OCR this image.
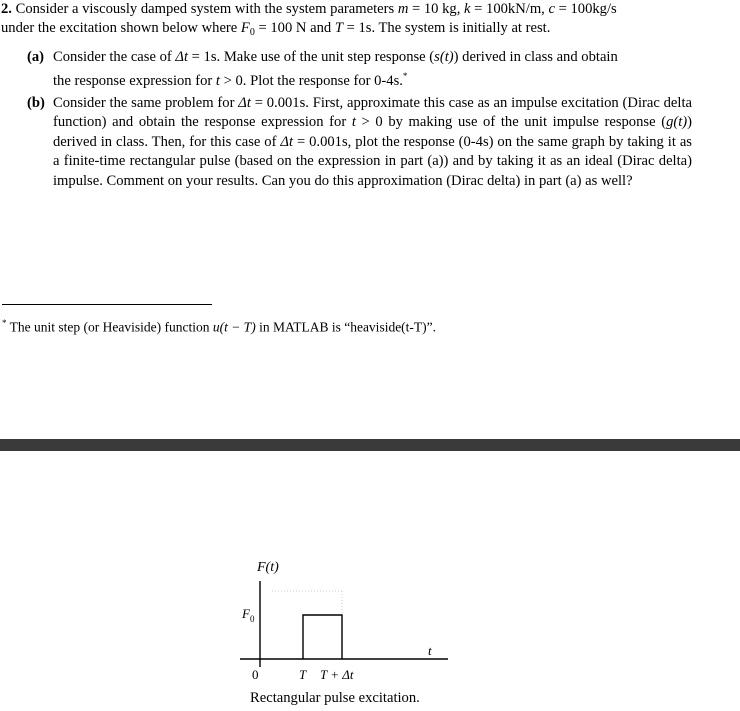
2. Consider a viscously damped system with the system parameters m = 10 kg, k = 100kN/m, c = 100kg/s

under the excitation shown below where $F_0 = 100$ N and T = 1s. The system is initially at rest.

(a) Consider the case of Δt = 1s. Make use of the unit step response (s(t)) derived in class and obtain

the response expression for t > 0. Plot the response for 0-4s.*

(b) Consider the same problem for Δt = 0.001s. First, approximate this case as an impulse excitation (Dirac delta function) and obtain the response expression for t > 0 by making use of the unit impulse response (g(t)) derived in class. Then, for this case of Δt = 0.001s, plot the response (0-4s) on the same graph by taking it as a finite-time rectangular pulse (based on the expression in part (a)) and by taking it as an ideal (Dirac delta) impulse. Comment on your results. Can you do this approximation (Dirac delta) in part (a) as well?

* The unit step (or Heaviside) function u(t − T) in MATLAB is “heaviside(t-T)”.
F(t)
$F_0$
t
0	T T + Δt
Rectangular pulse excitation.
